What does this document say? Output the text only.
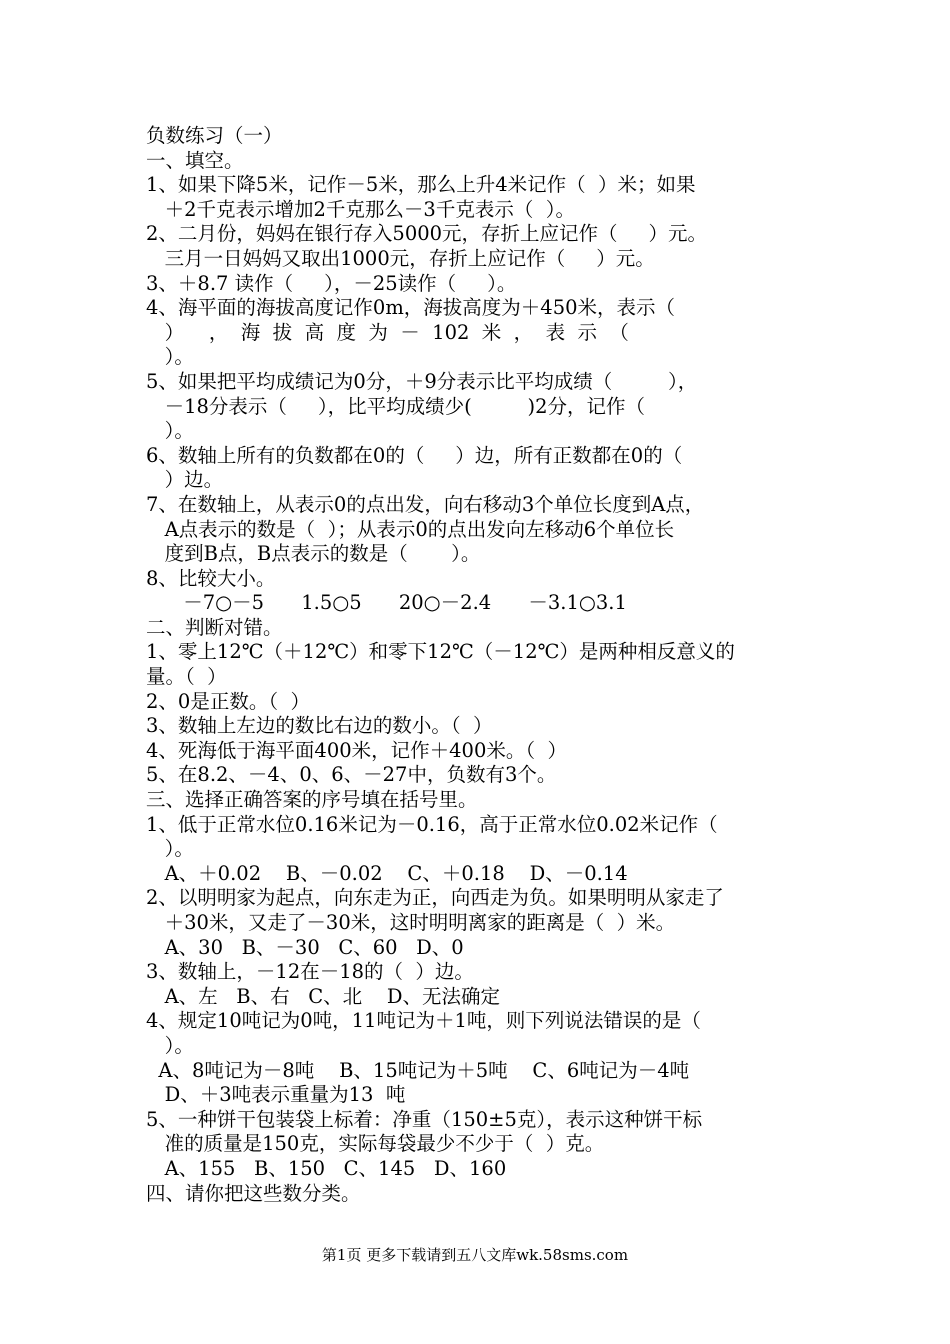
负数练习（一）
一、填空。
1、如果下降5米，记作－5米，那么上升4米记作（  ）米；如果
＋2千克表示增加2千克那么－3千克表示（  ）。
2、二月份，妈妈在银行存入5000元，存折上应记作（     ）元。
三月一日妈妈又取出1000元，存折上应记作（     ）元。
3、＋8.7 读作（     ），－25读作（     ）。
4、海平面的海拔高度记作0m，海拔高度为＋450米，表示（
）    ，  海  拔  高  度  为  －  102  米  ，  表  示  （
）。
5、如果把平均成绩记为0分，＋9分表示比平均成绩（         ），
－18分表示（     ），比平均成绩少(         )2分，记作（
）。
6、数轴上所有的负数都在0的（     ）边，所有正数都在0的（
）边。
7、在数轴上，从表示0的点出发，向右移动3个单位长度到A点，
A点表示的数是（  ）；从表示0的点出发向左移动6个单位长
度到B点，B点表示的数是（       ）。
8、比较大小。
－7○－5      1.5○5      20○－2.4      －3.1○3.1
二、判断对错。
1、零上12℃（＋12℃）和零下12℃（－12℃）是两种相反意义的
量。（  ）
2、0是正数。（  ）
3、数轴上左边的数比右边的数小。（  ）
4、死海低于海平面400米，记作＋400米。（  ）
5、在8.2、－4、0、6、－27中，负数有3个。
三、选择正确答案的序号填在括号里。
1、低于正常水位0.16米记为－0.16，高于正常水位0.02米记作（
）。
A、＋0.02    B、－0.02    C、＋0.18    D、－0.14
2、以明明家为起点，向东走为正，向西走为负。如果明明从家走了
＋30米，又走了－30米，这时明明离家的距离是（  ）米。
A、30   B、－30   C、60   D、0
3、数轴上，－12在－18的（  ）边。
A、左   B、右   C、北    D、无法确定
4、规定10吨记为0吨，11吨记为＋1吨，则下列说法错误的是（
）。
A、8吨记为－8吨    B、15吨记为＋5吨    C、6吨记为－4吨
D、＋3吨表示重量为13  吨
5、一种饼干包装袋上标着：净重（150±5克），表示这种饼干标
准的质量是150克，实际每袋最少不少于（  ）克。
A、155   B、150   C、145   D、160
四、请你把这些数分类。
第1页 更多下载请到五八文库wk.58sms.com
